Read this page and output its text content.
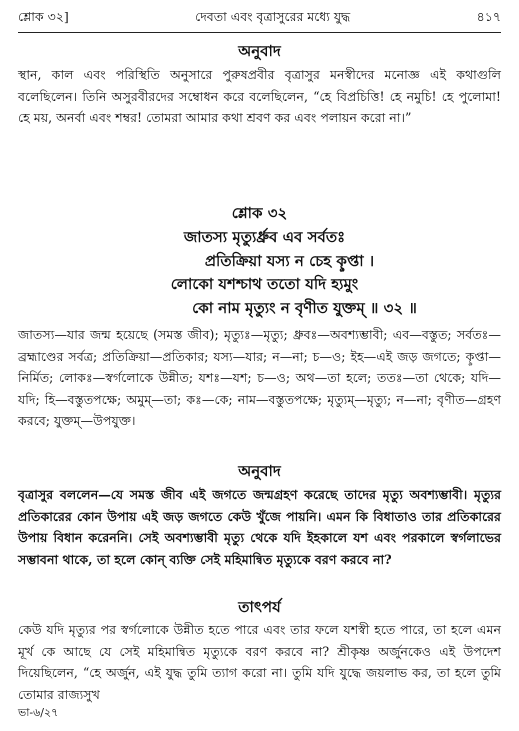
শ্লোক ৩২]	দেবতা এবং বৃত্রাসুরের মধ্যে যুদ্ধ	৪১৭
অনুবাদ
স্থান, কাল এবং পরিস্থিতি অনুসারে পুরুষপ্রবীর বৃত্রাসুর মনস্বীদের মনোজ্ঞ এই কথাগুলি বলেছিলেন। তিনি অসুরবীরদের সম্বোধন করে বলেছিলেন, “হে বিপ্রচিত্তি! হে নমুচি! হে পুলোমা! হে ময়, অনর্বা এবং শম্বর! তোমরা আমার কথা শ্রবণ কর এবং পলায়ন করো না।”
শ্লোক ৩২
জাতস্য মৃত্যুর্ধ্রুব এব সর্বতঃ
প্রতিক্রিয়া যস্য ন চেহ কৢপ্তা ।
লোকো যশশ্চাথ ততো যদি হ্যমুং
কো নাম মৃত্যুং ন বৃণীত যুক্তম্ ॥ ৩২ ॥
জাতস্য—যার জন্ম হয়েছে (সমস্ত জীব); মৃত্যুঃ—মৃত্যু; ধ্রুবঃ—অবশ্যম্ভাবী; এব—বস্তুত; সর্বতঃ—ব্রহ্মাণ্ডের সর্বত্র; প্রতিক্রিয়া—প্রতিকার; যস্য—যার; ন—না; চ—ও; ইহ—এই জড় জগতে; কৢপ্তা—নির্মিত; লোকঃ—স্বর্গলোকে উন্নীত; যশঃ—যশ; চ—ও; অথ—তা হলে; ততঃ—তা থেকে; যদি—যদি; হি—বস্তুতপক্ষে; অমুম্—তা; কঃ—কে; নাম—বস্তুতপক্ষে; মৃত্যুম্—মৃত্যু; ন—না; বৃণীত—গ্রহণ করবে; যুক্তম্—উপযুক্ত।
অনুবাদ
বৃত্রাসুর বললেন—যে সমস্ত জীব এই জগতে জন্মগ্রহণ করেছে তাদের মৃত্যু অবশ্যম্ভাবী। মৃত্যুর প্রতিকারের কোন উপায় এই জড় জগতে কেউ খুঁজে পায়নি। এমন কি বিধাতাও তার প্রতিকারের উপায় বিধান করেননি। সেই অবশ্যম্ভাবী মৃত্যু থেকে যদি ইহকালে যশ এবং পরকালে স্বর্গলাভের সম্ভাবনা থাকে, তা হলে কোন্ ব্যক্তি সেই মহিমান্বিত মৃত্যুকে বরণ করবে না?
তাৎপর্য
কেউ যদি মৃত্যুর পর স্বর্গলোকে উন্নীত হতে পারে এবং তার ফলে যশস্বী হতে পারে, তা হলে এমন মূর্খ কে আছে যে সেই মহিমান্বিত মৃত্যুকে বরণ করবে না? শ্রীকৃষ্ণ অর্জুনকেও এই উপদেশ দিয়েছিলেন, “হে অর্জুন, এই যুদ্ধ তুমি ত্যাগ করো না। তুমি যদি যুদ্ধে জয়লাভ কর, তা হলে তুমি তোমার রাজ্যসুখ
ভা-৬/২৭
